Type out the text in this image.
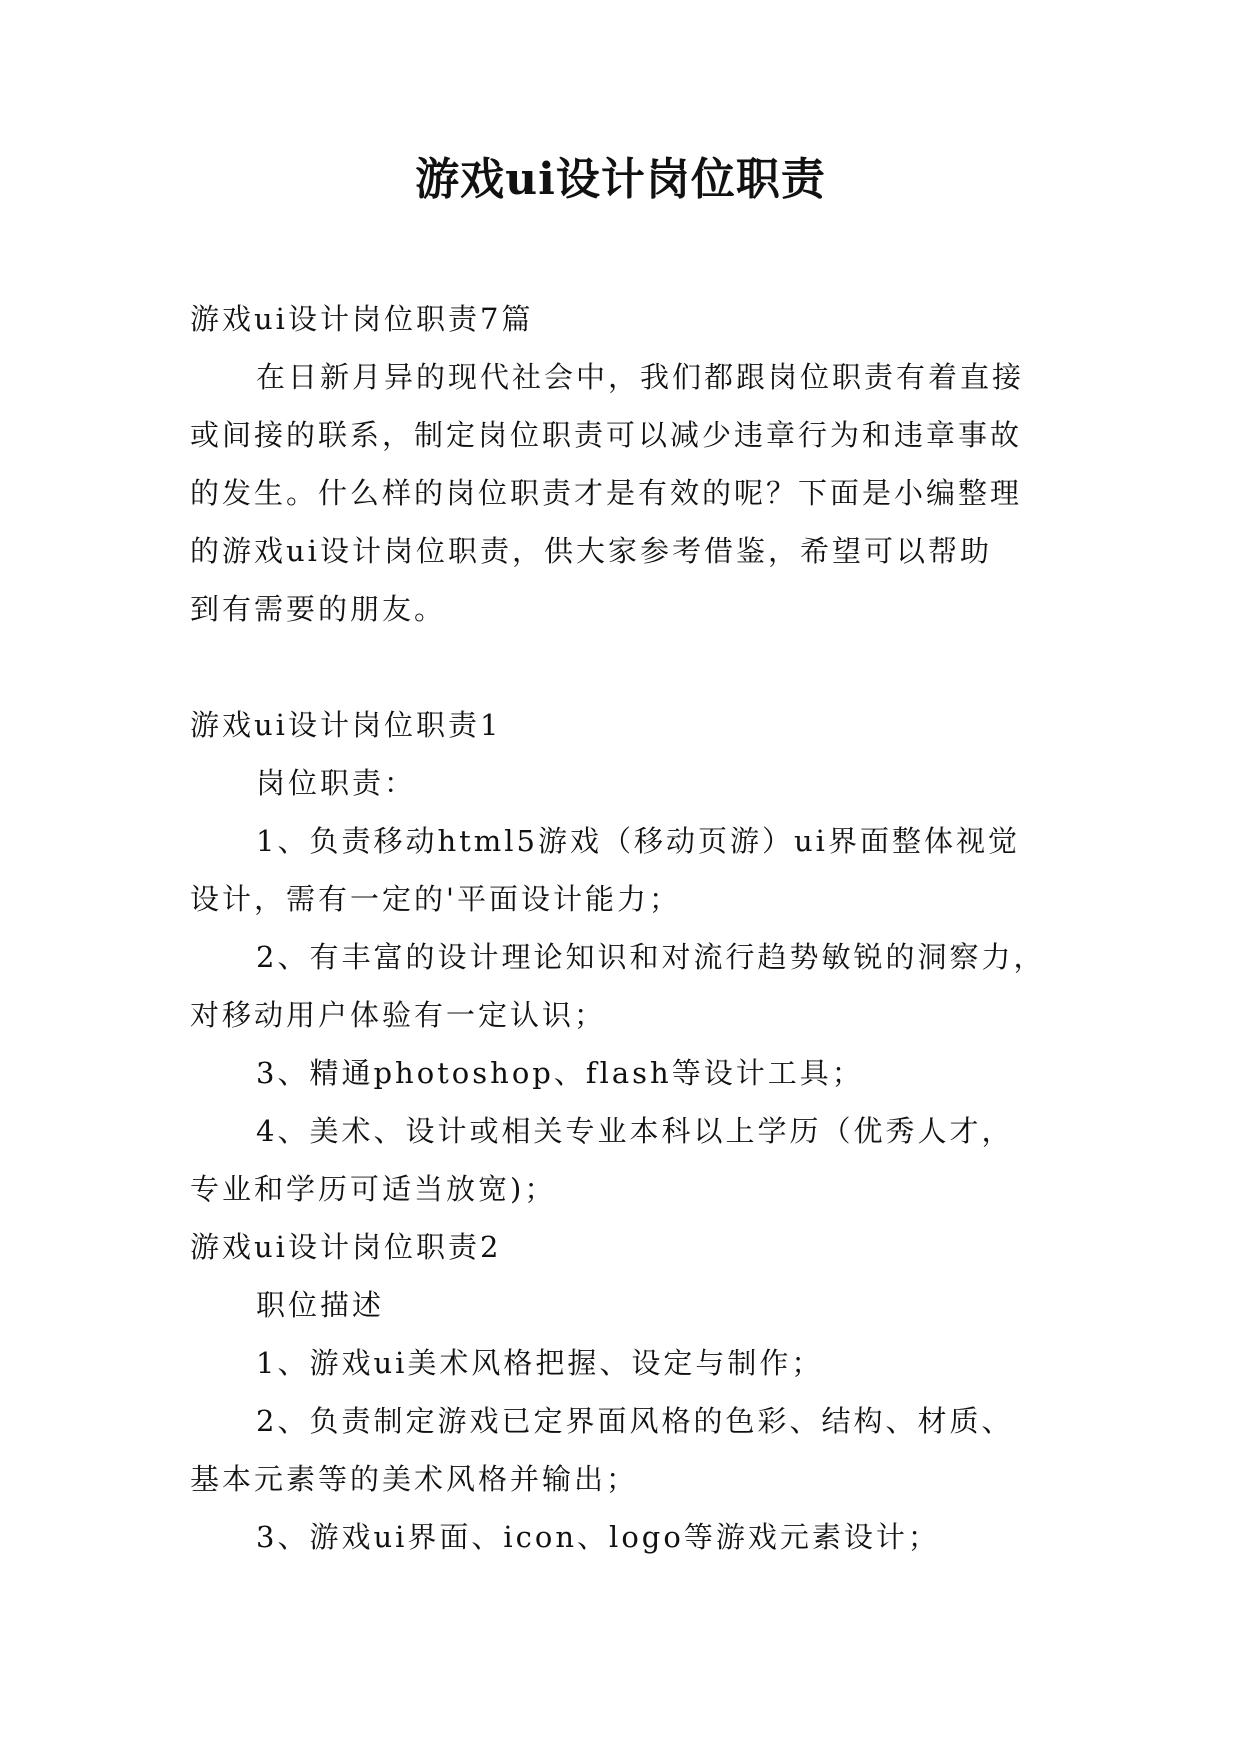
游戏ui设计岗位职责

游戏ui设计岗位职责7篇

在日新月异的现代社会中，我们都跟岗位职责有着直接

或间接的联系，制定岗位职责可以减少违章行为和违章事故

的发生。什么样的岗位职责才是有效的呢？下面是小编整理

的游戏ui设计岗位职责，供大家参考借鉴，希望可以帮助

到有需要的朋友。

游戏ui设计岗位职责1

岗位职责：

1、负责移动html5游戏（移动页游）ui界面整体视觉

设计，需有一定的'平面设计能力；

2、有丰富的设计理论知识和对流行趋势敏锐的洞察力，

对移动用户体验有一定认识；

3、精通photoshop、flash等设计工具；

4、美术、设计或相关专业本科以上学历（优秀人才，

专业和学历可适当放宽)；

游戏ui设计岗位职责2

职位描述

1、游戏ui美术风格把握、设定与制作；

2、负责制定游戏已定界面风格的色彩、结构、材质、

基本元素等的美术风格并输出；

3、游戏ui界面、icon、logo等游戏元素设计；
